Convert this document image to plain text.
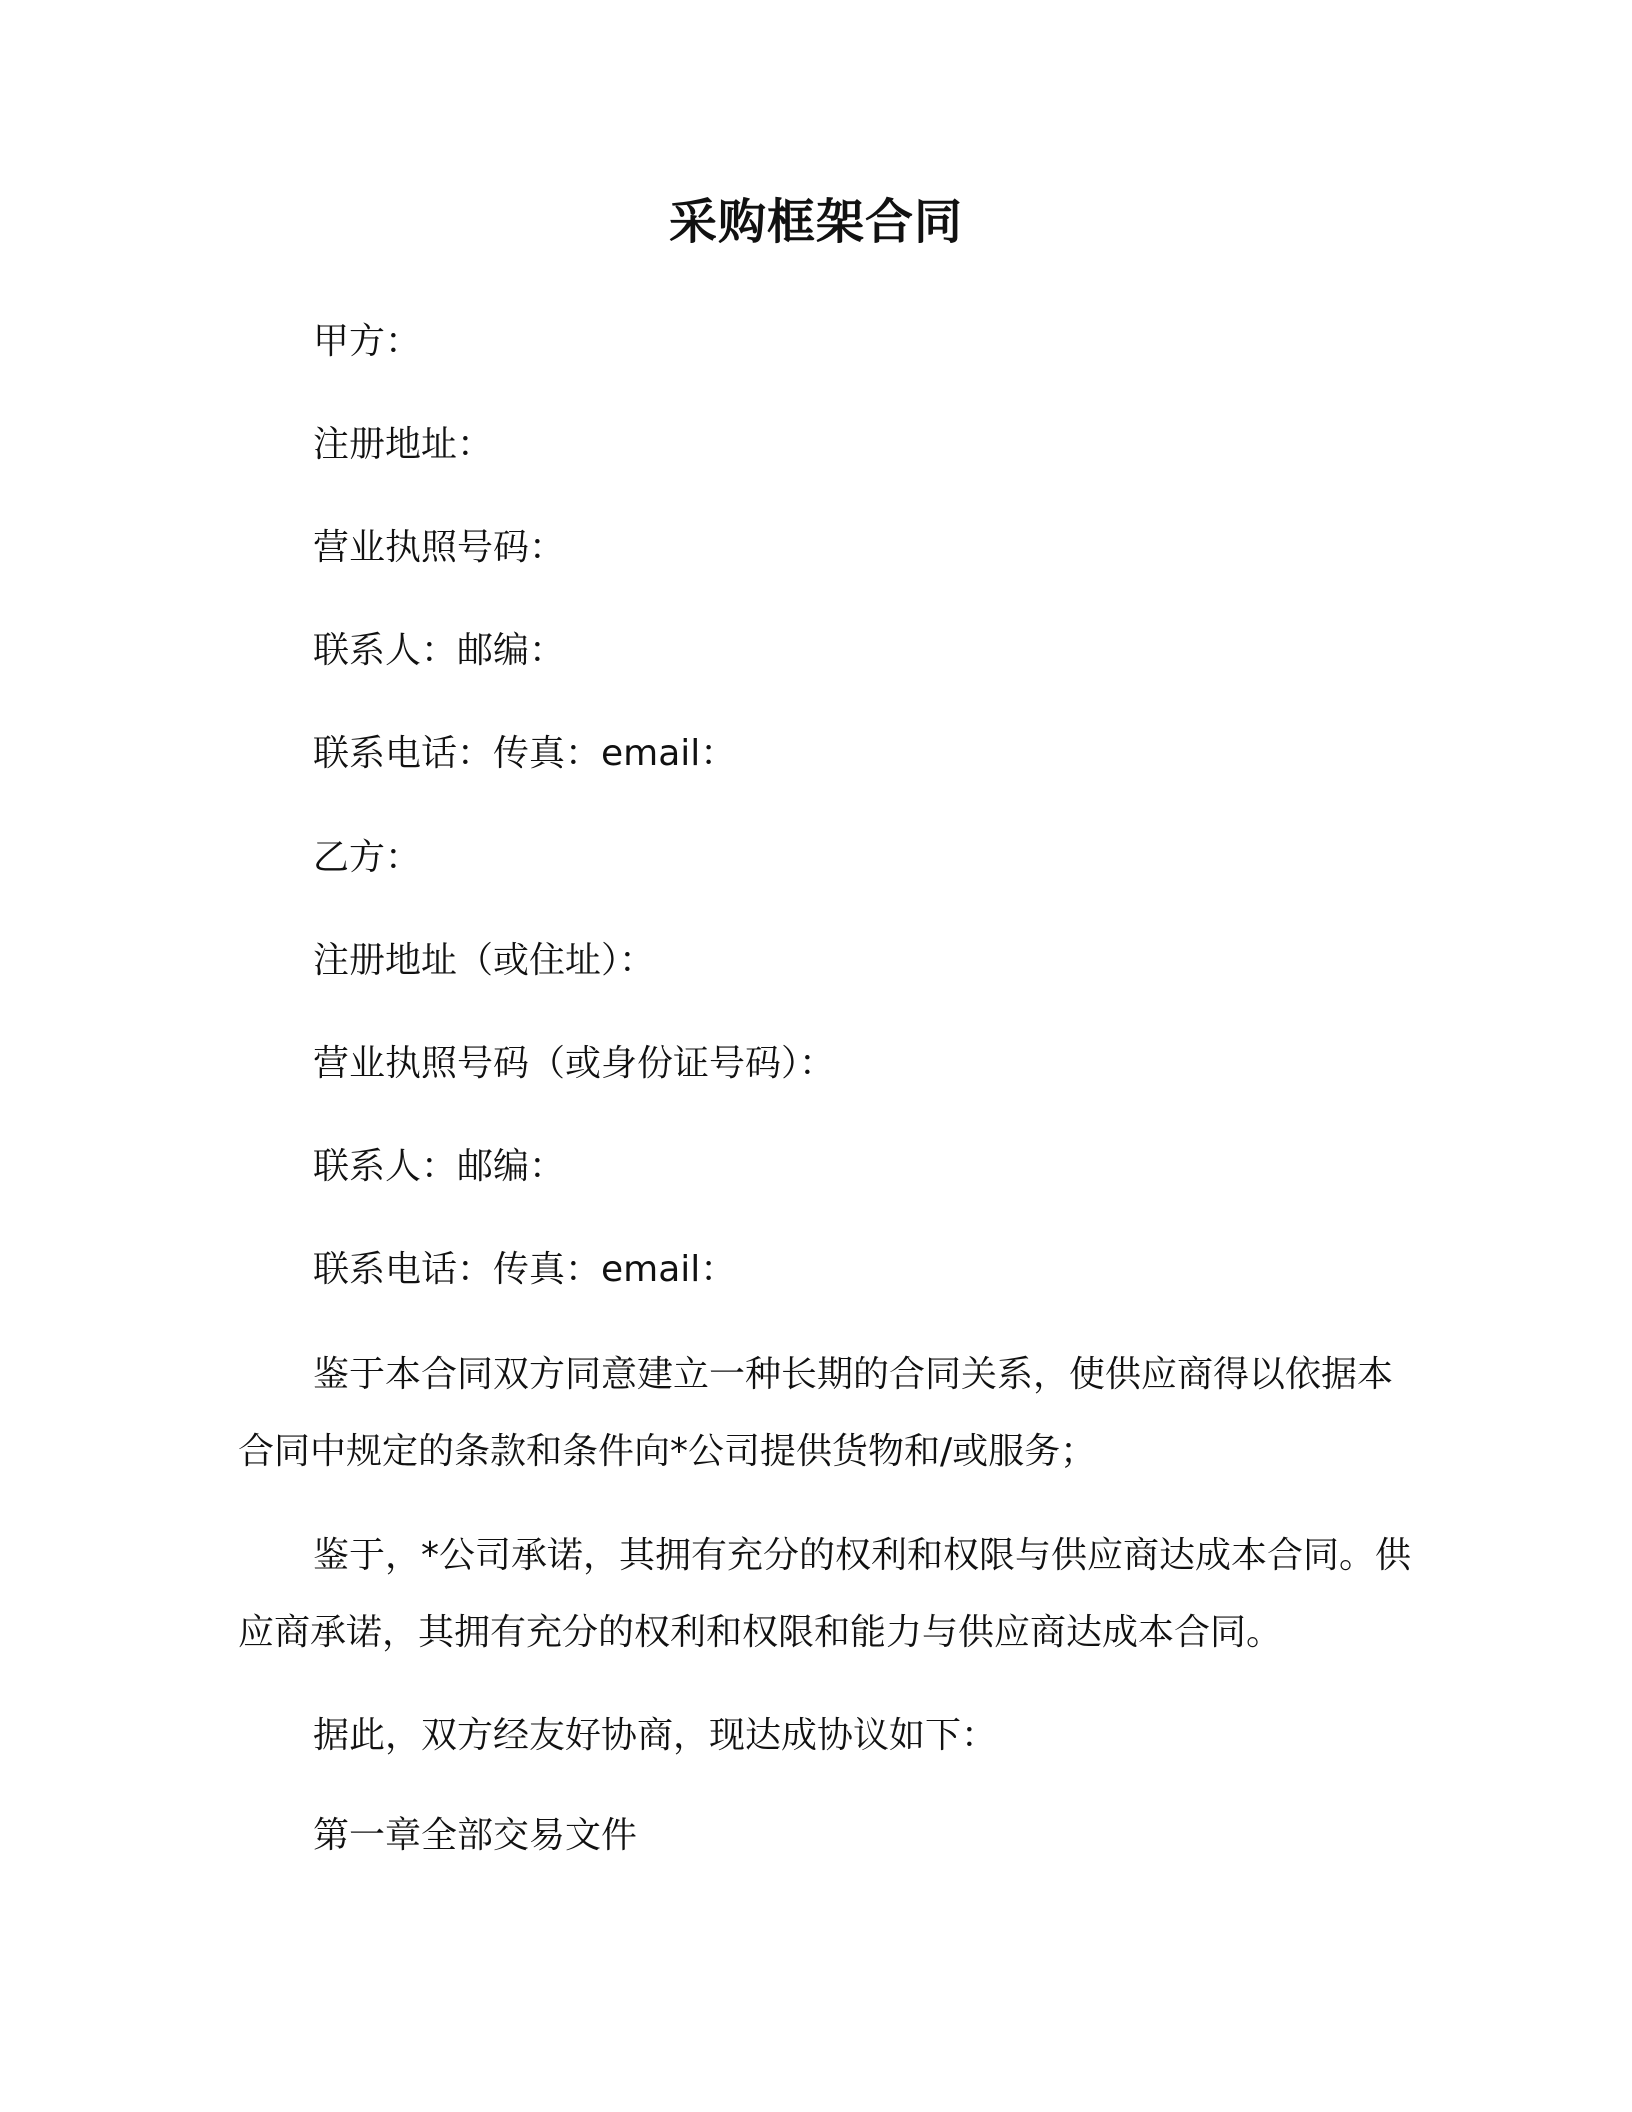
采购框架合同

甲方：

注册地址：

营业执照号码：

联系人：邮编：

联系电话：传真：email：

乙方：

注册地址（或住址）：

营业执照号码（或身份证号码）：

联系人：邮编：

联系电话：传真：email：

鉴于本合同双方同意建立一种长期的合同关系，使供应商得以依据本合同中规定的条款和条件向*公司提供货物和/或服务；

鉴于，*公司承诺，其拥有充分的权利和权限与供应商达成本合同。供应商承诺，其拥有充分的权利和权限和能力与供应商达成本合同。

据此，双方经友好协商，现达成协议如下：

第一章全部交易文件
